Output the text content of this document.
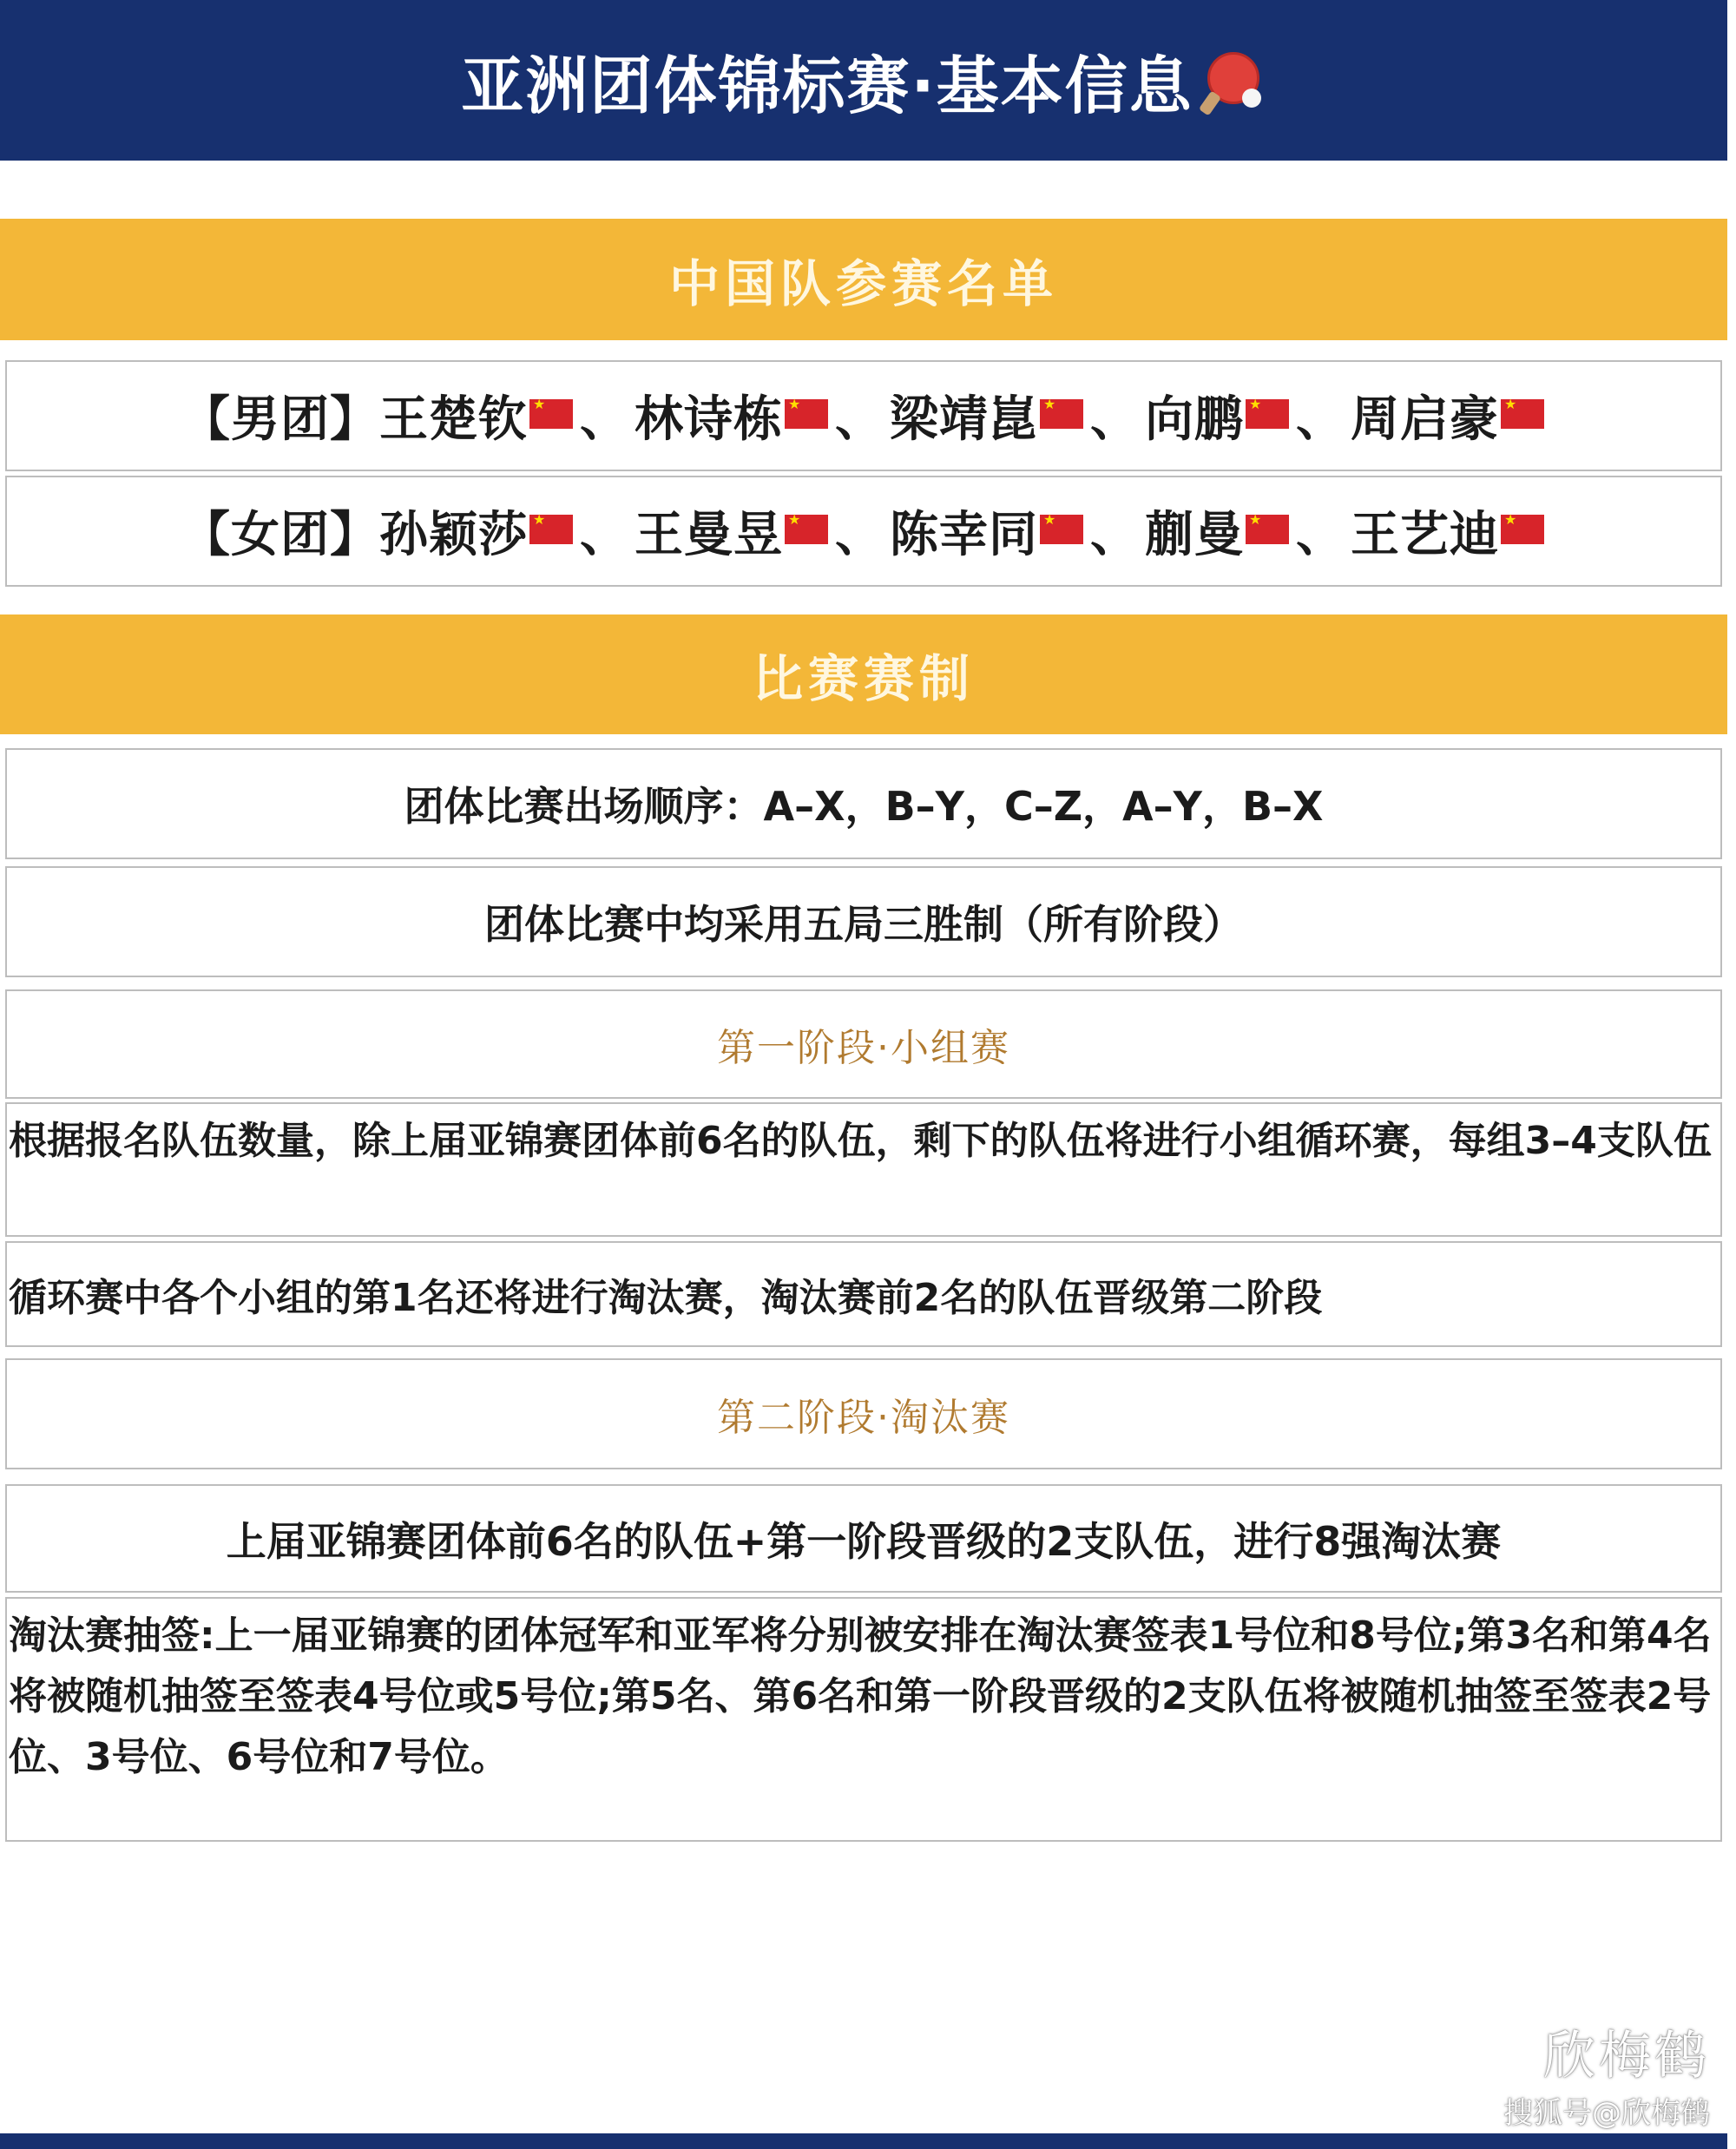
亚洲团体锦标赛·基本信息
中国队参赛名单
【男团】 王楚钦 ★ 、 林诗栋 ★ 、 梁靖崑 ★ 、 向鹏 ★ 、 周启豪
★
【女团】 孙颖莎 ★ 、 王曼昱 ★ 、 陈幸同 ★ 、 蒯曼 ★ 、 王艺迪
★
比赛赛制
团体比赛出场顺序：A–X，B–Y，C–Z，A–Y，B–X
团体比赛中均采用五局三胜制（所有阶段）
第一阶段·小组赛
根据报名队伍数量，除上届亚锦赛团体前6名的队伍，剩下的队伍将进行小组循环赛，每组3–4支队伍
循环赛中各个小组的第1名还将进行淘汰赛，淘汰赛前2名的队伍晋级第二阶段
第二阶段·淘汰赛
上届亚锦赛团体前6名的队伍+第一阶段晋级的2支队伍，进行8强淘汰赛
淘汰赛抽签:上一届亚锦赛的团体冠军和亚军将分别被安排在淘汰赛签表1号位和8号位;第3名和第4名将被随机抽签至签表4号位或5号位;第5名、第6名和第一阶段晋级的2支队伍将被随机抽签至签表2号位、3号位、6号位和7号位。
欣梅鹤
搜狐号@欣梅鹤
